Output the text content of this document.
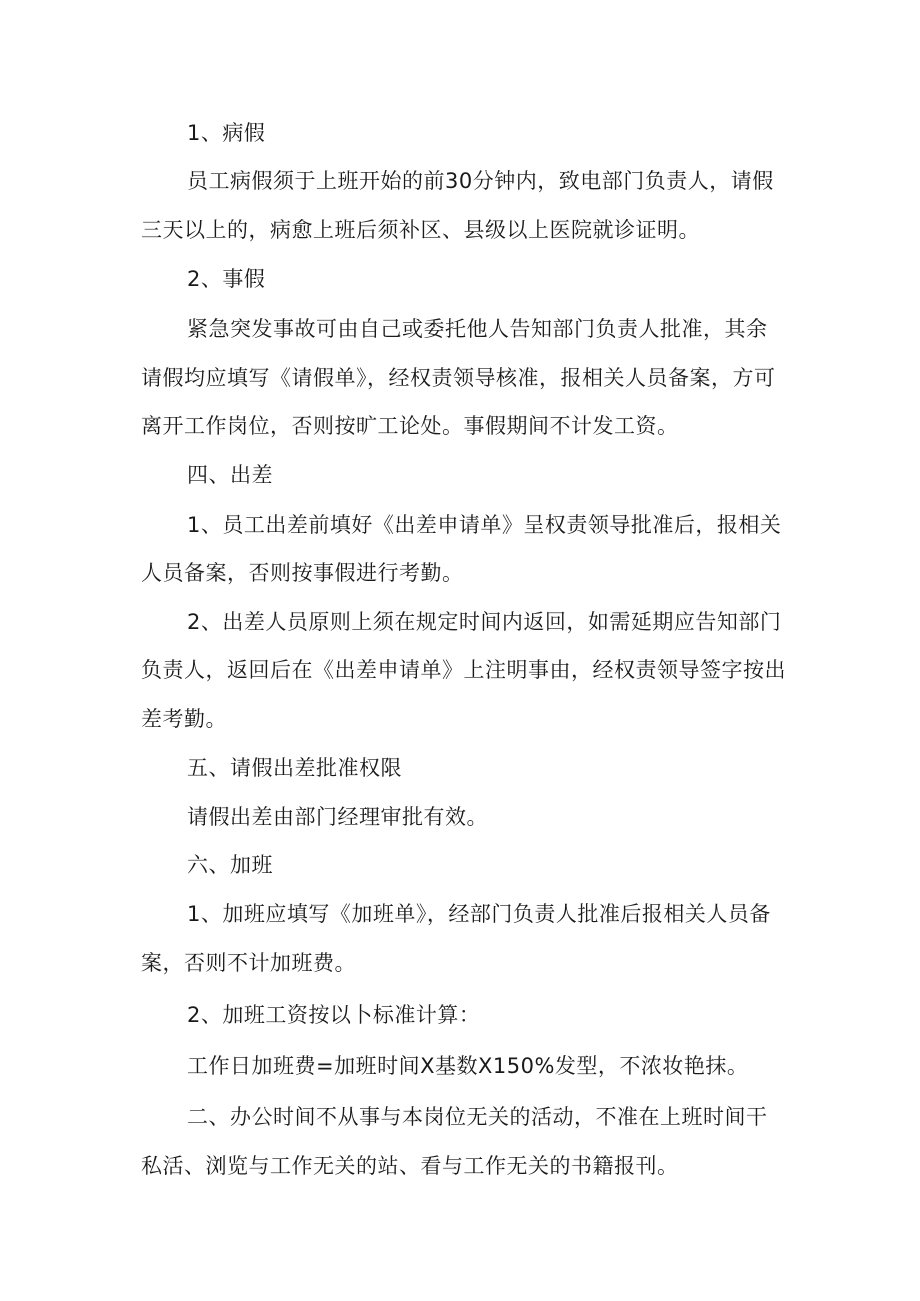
1、病假
员工病假须于上班开始的前30分钟内，致电部门负责人，请假
三天以上的，病愈上班后须补区、县级以上医院就诊证明。
2、事假
紧急突发事故可由自己或委托他人告知部门负责人批准，其余
请假均应填写《请假单》，经权责领导核准，报相关人员备案，方可
离开工作岗位，否则按旷工论处。事假期间不计发工资。
四、出差
1、员工出差前填好《出差申请单》呈权责领导批准后，报相关
人员备案，否则按事假进行考勤。
2、出差人员原则上须在规定时间内返回，如需延期应告知部门
负责人，返回后在《出差申请单》上注明事由，经权责领导签字按出
差考勤。
五、请假出差批准权限
请假出差由部门经理审批有效。
六、加班
1、加班应填写《加班单》，经部门负责人批准后报相关人员备
案，否则不计加班费。
2、加班工资按以卜标准计算：
工作日加班费=加班时间X基数X150%发型，不浓妆艳抹。
二、办公时间不从事与本岗位无关的活动，不准在上班时间干
私活、浏览与工作无关的站、看与工作无关的书籍报刊。
